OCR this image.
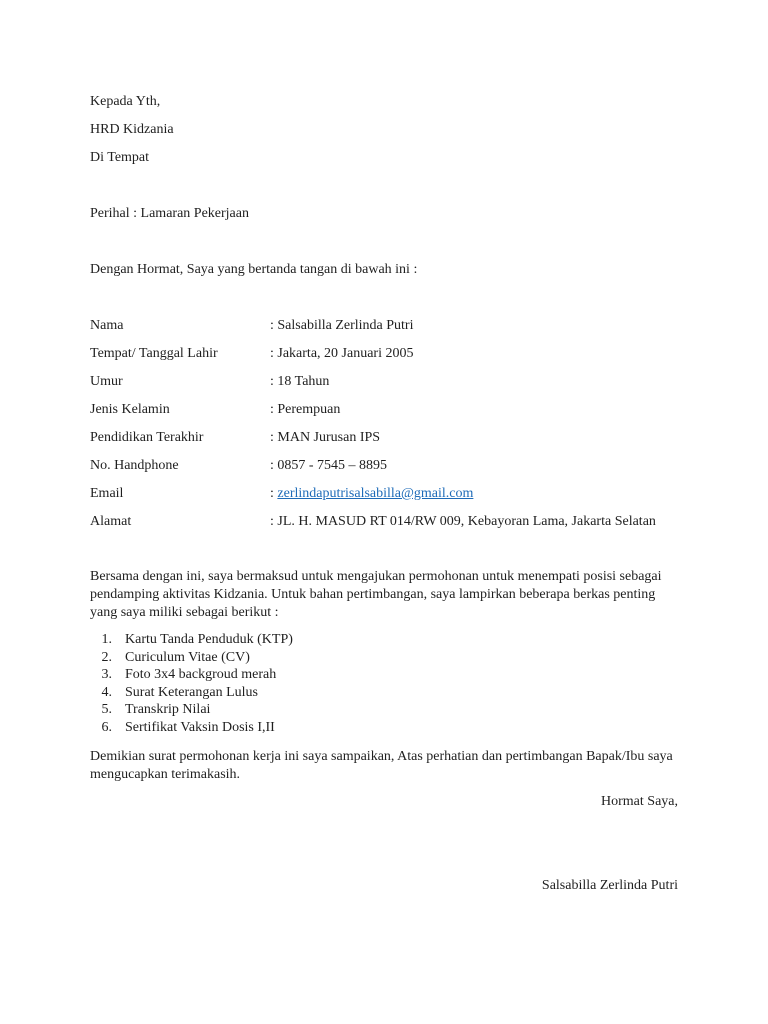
Kepada Yth,
HRD Kidzania
Di Tempat
Perihal : Lamaran Pekerjaan
Dengan Hormat, Saya yang bertanda tangan di bawah ini :
Nama	: Salsabilla Zerlinda Putri
Tempat/ Tanggal Lahir	: Jakarta, 20 Januari 2005
Umur	: 18 Tahun
Jenis Kelamin	: Perempuan
Pendidikan Terakhir	: MAN Jurusan IPS
No. Handphone	: 0857 - 7545 – 8895
Email	: zerlindaputrisalsabilla@gmail.com
Alamat	: JL. H. MASUD RT 014/RW 009, Kebayoran Lama, Jakarta Selatan

Bersama dengan ini, saya bermaksud untuk mengajukan permohonan untuk menempati posisi sebagai pendamping aktivitas Kidzania. Untuk bahan pertimbangan, saya lampirkan beberapa berkas penting yang saya miliki sebagai berikut :

1. Kartu Tanda Penduduk (KTP)
2. Curiculum Vitae (CV)
3. Foto 3x4 backgroud merah
4. Surat Keterangan Lulus
5. Transkrip Nilai
6. Sertifikat Vaksin Dosis I,II

Demikian surat permohonan kerja ini saya sampaikan, Atas perhatian dan pertimbangan Bapak/Ibu saya mengucapkan terimakasih.

Hormat Saya,
Salsabilla Zerlinda Putri
